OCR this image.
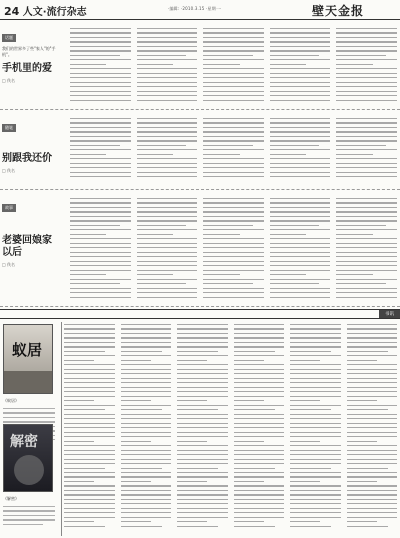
24 人文·流行杂志	·编辑: ·2010.3.15 ·星期一·	壁天金报
话题
我们的世界多了些"家人"的"手机"。
手机里的爱
□ 佚名
随笔
别跟我还价
□ 佚名
故事
老婆回娘家以后
□ 佚名
书讯
蚁居
《蚁居》
解密
《解密》
